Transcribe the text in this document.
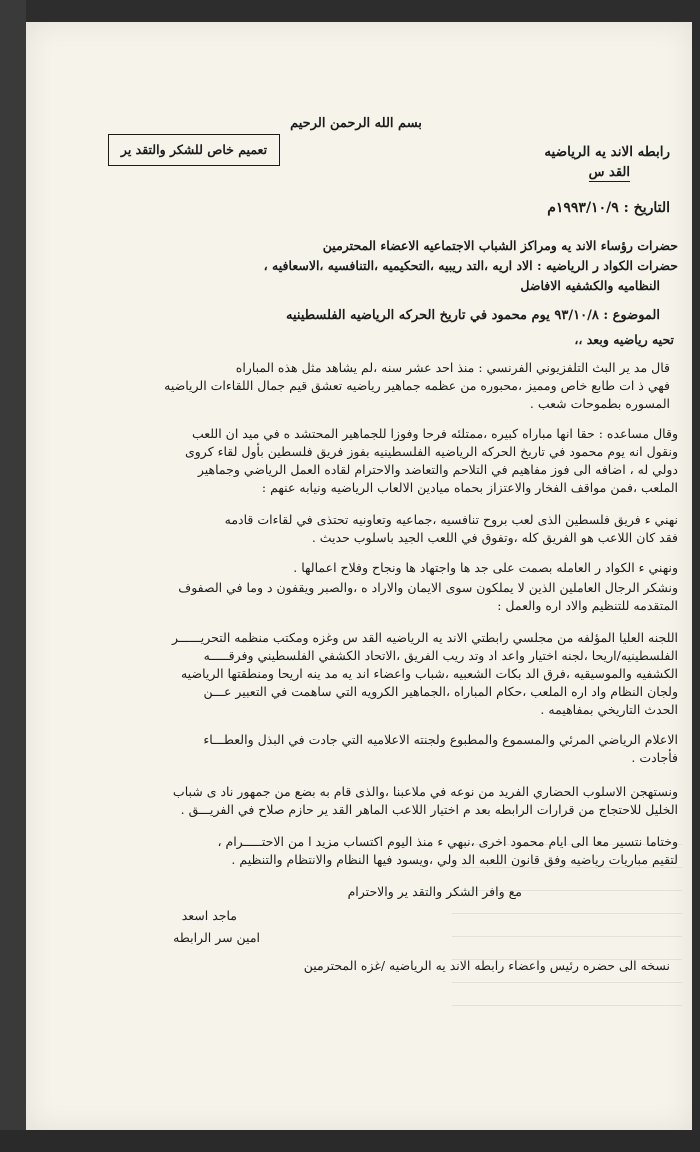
بسم الله الرحمن الرحيم
رابطه الاند يه الرياضيه
القد س
تعميم خاص للشكر والتقد ير
التاريخ : ١٩٩٣/١٠/٩م
حضرات رؤساء الاند يه ومراكز الشباب الاجتماعيه الاعضاء المحترمين
حضرات الكواد ر الرياضيه : الاد اريه ،التد ريبيه ،التحكيميه ،التنافسيه ،الاسعافيه ،
النظاميه والكشفيه الافاضل
الموضوع : ٩٣/١٠/٨ يوم محمود في تاريخ الحركه الرياضيه الفلسطينيه
تحيه رياضيه وبعد ،،
قال مد ير البث التلفزيوني الفرنسي : منذ احد عشر سنه ،لم يشاهد مثل هذه المباراه
فهي ذ ات طابع خاص ومميز ،محبوره من عظمه جماهير رياضيه تعشق قيم جمال اللقاءات الرياضيه
المسوره بطموحات شعب .
وقال مساعده : حقا انها مباراه كبيره ،ممتلئه فرحا وفوزا للجماهير المحتشد ه في ميد ان اللعب
ونقول انه يوم محمود في تاريخ الحركه الرياضيه الفلسطينيه بفوز فريق فلسطين بأول لقاء كروى
دولي له ، اضافه الى فوز مفاهيم في التلاحم والتعاضد والاحترام لقاده العمل الرياضي وجماهير
الملعب ،فمن مواقف الفخار والاعتزاز بحماه ميادين الالعاب الرياضيه ونيابه عنهم :
نهني ء فريق فلسطين الذى لعب بروح تنافسيه ،جماعيه وتعاونيه تحتذى في لقاءات قادمه
فقد كان اللاعب هو الفريق كله ،وتفوق في اللعب الجيد باسلوب حديث .
ونهني ء الكواد ر العامله بصمت على جد ها واجتهاد ها ونجاح وفلاح اعمالها .
ونشكر الرجال العاملين الذين لا يملكون سوى الايمان والاراد ه ،والصبر ويقفون د وما في الصفوف
المتقدمه للتنظيم والاد اره والعمل :
اللجنه العليا المؤلفه من مجلسي رابطتي الاند يه الرياضيه القد س وغزه ومكتب منظمه التحريــــــر
الفلسطينيه/اريحا ،لجنه اختيار واعد اد وتد ريب الفريق ،الاتحاد الكشفي الفلسطيني وفرقـــــه
الكشفيه والموسيقيه ،فرق الد بكات الشعبيه ،شباب واعضاء اند يه مد ينه اريحا ومنطقتها الرياضيه
ولجان النظام واد اره الملعب ،حكام المباراه ،الجماهير الكرويه التي ساهمت في التعبير عـــن
الحدث التاريخي بمفاهيمه .
الاعلام الرياضي المرئي والمسموع والمطبوع ولجنته الاعلاميه التي جادت في البذل والعطـــاء
فأجادت .
ونستهجن الاسلوب الحضاري الفريد من نوعه في ملاعبنا ،والذى قام به بضع من جمهور ناد ى شباب
الخليل للاحتجاج من قرارات الرابطه بعد م اختيار اللاعب الماهر القد ير حازم صلاح في الفريـــق .
وختاما نتسير معا الى ايام محمود اخرى ،نبهي ء منذ اليوم اكتساب مزيد ا من الاحتـــــرام ،
لتقيم مباريات رياضيه وفق قانون اللعبه الد ولي ،ويسود فيها النظام والانتظام والتنظيم .
مع وافر الشكر والتقد ير والاحترام
ماجد اسعد
امين سر الرابطه
نسخه الى حضره رئيس واعضاء رابطه الاند يه الرياضيه /غزه المحترمين
